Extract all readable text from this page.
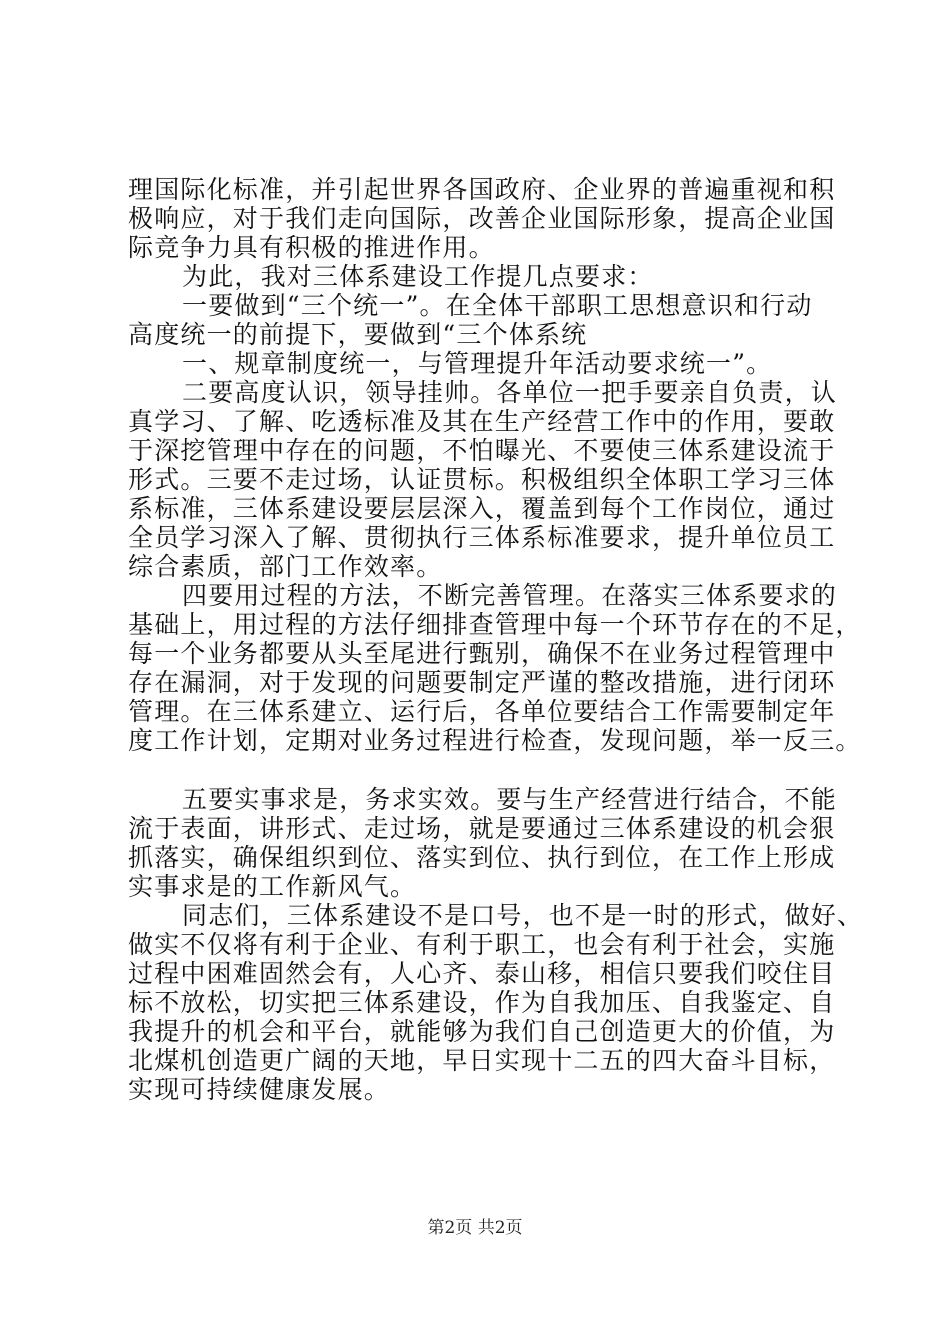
理国际化标准，并引起世界各国政府、企业界的普遍重视和积
极响应，对于我们走向国际，改善企业国际形象，提高企业国
际竞争力具有积极的推进作用。
为此，我对三体系建设工作提几点要求：
一要做到“三个统一”。在全体干部职工思想意识和行动
高度统一的前提下，要做到“三个体系统
一、规章制度统一，与管理提升年活动要求统一”。
二要高度认识，领导挂帅。各单位一把手要亲自负责，认
真学习、了解、吃透标准及其在生产经营工作中的作用，要敢
于深挖管理中存在的问题，不怕曝光、不要使三体系建设流于
形式。三要不走过场，认证贯标。积极组织全体职工学习三体
系标准，三体系建设要层层深入，覆盖到每个工作岗位，通过
全员学习深入了解、贯彻执行三体系标准要求，提升单位员工
综合素质，部门工作效率。
四要用过程的方法，不断完善管理。在落实三体系要求的
基础上，用过程的方法仔细排查管理中每一个环节存在的不足，
每一个业务都要从头至尾进行甄别，确保不在业务过程管理中
存在漏洞，对于发现的问题要制定严谨的整改措施，进行闭环
管理。在三体系建立、运行后，各单位要结合工作需要制定年
度工作计划，定期对业务过程进行检查，发现问题，举一反三。
五要实事求是，务求实效。要与生产经营进行结合，不能
流于表面，讲形式、走过场，就是要通过三体系建设的机会狠
抓落实，确保组织到位、落实到位、执行到位，在工作上形成
实事求是的工作新风气。
同志们，三体系建设不是口号，也不是一时的形式，做好、
做实不仅将有利于企业、有利于职工，也会有利于社会，实施
过程中困难固然会有，人心齐、泰山移，相信只要我们咬住目
标不放松，切实把三体系建设，作为自我加压、自我鉴定、自
我提升的机会和平台，就能够为我们自己创造更大的价值，为
北煤机创造更广阔的天地，早日实现十二五的四大奋斗目标，
实现可持续健康发展。
第2页 共2页
